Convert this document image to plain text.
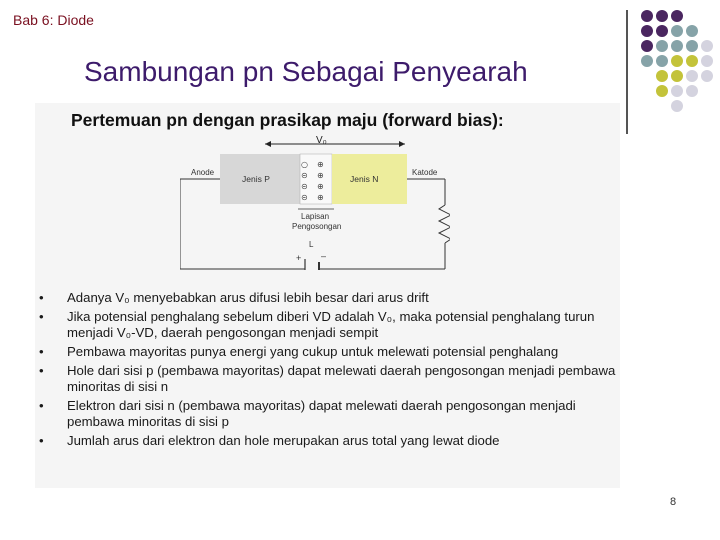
Bab 6: Diode
Sambungan pn Sebagai Penyearah
Pertemuan pn dengan prasikap maju (forward bias):
V₀
Jenis P
○ ⊕
⊝ ⊕
⊝ ⊕
⊝ ⊕
Jenis N
Anode	Katode
Lapisan
Pengosongan
L
+ –
• Adanya V₀ menyebabkan arus difusi lebih besar dari arus drift
• Jika potensial penghalang sebelum diberi VD adalah V₀, maka potensial penghalang turun menjadi V₀-VD, daerah pengosongan menjadi sempit
• Pembawa mayoritas punya energi yang cukup untuk melewati potensial penghalang
• Hole dari sisi p (pembawa mayoritas) dapat melewati daerah pengosongan menjadi pembawa minoritas di sisi n
• Elektron dari sisi n (pembawa mayoritas) dapat melewati daerah pengosongan menjadi pembawa minoritas di sisi p
• Jumlah arus dari elektron dan hole merupakan arus total yang lewat diode
8
